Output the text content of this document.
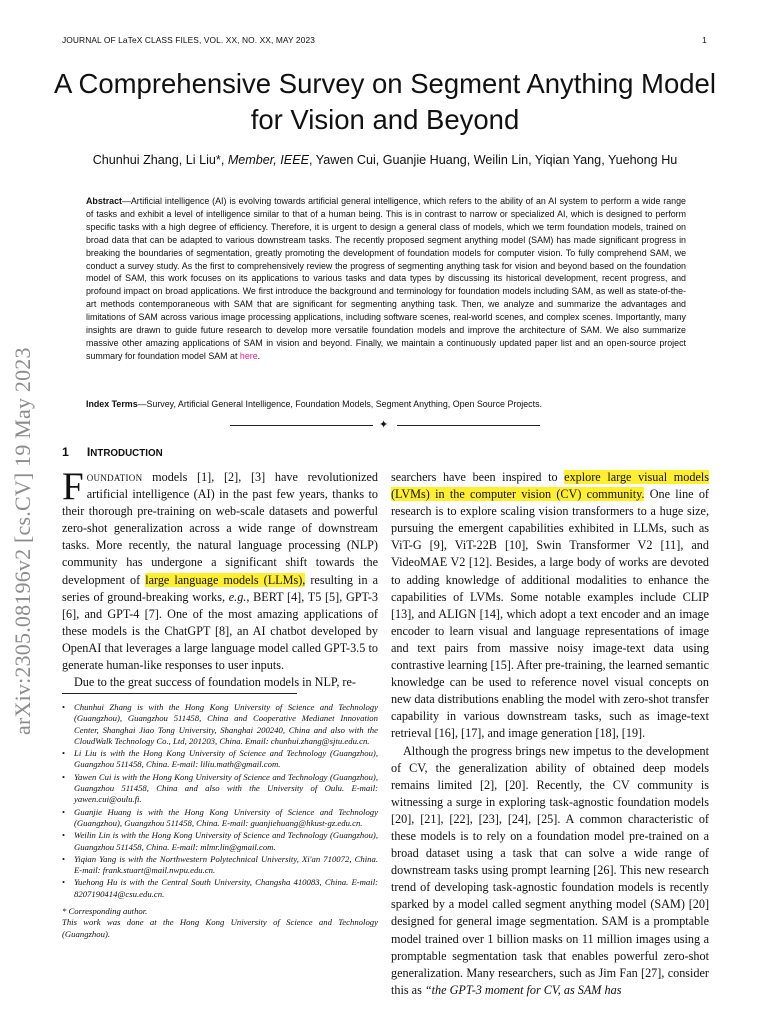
JOURNAL OF LaTeX CLASS FILES, VOL. XX, NO. XX, MAY 2023	1
A Comprehensive Survey on Segment Anything Model for Vision and Beyond
Chunhui Zhang, Li Liu*, Member, IEEE, Yawen Cui, Guanjie Huang, Weilin Lin, Yiqian Yang, Yuehong Hu
Abstract—Artificial intelligence (AI) is evolving towards artificial general intelligence, which refers to the ability of an AI system to perform a wide range of tasks and exhibit a level of intelligence similar to that of a human being. This is in contrast to narrow or specialized AI, which is designed to perform specific tasks with a high degree of efficiency. Therefore, it is urgent to design a general class of models, which we term foundation models, trained on broad data that can be adapted to various downstream tasks. The recently proposed segment anything model (SAM) has made significant progress in breaking the boundaries of segmentation, greatly promoting the development of foundation models for computer vision. To fully comprehend SAM, we conduct a survey study. As the first to comprehensively review the progress of segmenting anything task for vision and beyond based on the foundation model of SAM, this work focuses on its applications to various tasks and data types by discussing its historical development, recent progress, and profound impact on broad applications. We first introduce the background and terminology for foundation models including SAM, as well as state-of-the-art methods contemporaneous with SAM that are significant for segmenting anything task. Then, we analyze and summarize the advantages and limitations of SAM across various image processing applications, including software scenes, real-world scenes, and complex scenes. Importantly, many insights are drawn to guide future research to develop more versatile foundation models and improve the architecture of SAM. We also summarize massive other amazing applications of SAM in vision and beyond. Finally, we maintain a continuously updated paper list and an open-source project summary for foundation model SAM at here.
Index Terms—Survey, Artificial General Intelligence, Foundation Models, Segment Anything, Open Source Projects.
✦
arXiv:2305.08196v2 [cs.CV] 19 May 2023 1 INTRODUCTION

Foundation models [1], [2], [3] have revolutionized artificial intelligence (AI) in the past few years, thanks to their thorough pre-training on web-scale datasets and powerful zero-shot generalization across a wide range of downstream tasks. More recently, the natural language processing (NLP) community has undergone a significant shift towards the development of large language models (LLMs), resulting in a series of ground-breaking works, e.g., BERT [4], T5 [5], GPT-3 [6], and GPT-4 [7]. One of the most amazing applications of these models is the ChatGPT [8], an AI chatbot developed by OpenAI that leverages a large language model called GPT-3.5 to generate human-like responses to user inputs.

Due to the great success of foundation models in NLP, re-

• Chunhui Zhang is with the Hong Kong University of Science and Technology (Guangzhou), Guangzhou 511458, China and Cooperative Medianet Innovation Center, Shanghai Jiao Tong University, Shanghai 200240, China and also with the CloudWalk Technology Co., Ltd, 201203, China. Email: chunhui.zhang@sjtu.edu.cn.
• Li Liu is with the Hong Kong University of Science and Technology (Guangzhou), Guangzhou 511458, China. E-mail: liliu.math@gmail.com.
• Yawen Cui is with the Hong Kong University of Science and Technology (Guangzhou), Guangzhou 511458, China and also with the University of Oulu. E-mail: yawen.cui@oulu.fi.
• Guanjie Huang is with the Hong Kong University of Science and Technology (Guangzhou), Guangzhou 511458, China. E-mail: guanjiehuang@hkust-gz.edu.cn.
• Weilin Lin is with the Hong Kong University of Science and Technology (Guangzhou), Guangzhou 511458, China. E-mail: mlmr.lin@gmail.com.
• Yiqian Yang is with the Northwestern Polytechnical University, Xi'an 710072, China. E-mail: frank.stuart@mail.nwpu.edu.cn.
• Yuehong Hu is with the Central South University, Changsha 410083, China. E-mail: 8207190414@csu.edu.cn.
* Corresponding author.
This work was done at the Hong Kong University of Science and Technology (Guangzhou).

searchers have been inspired to explore large visual models (LVMs) in the computer vision (CV) community. One line of research is to explore scaling vision transformers to a huge size, pursuing the emergent capabilities exhibited in LLMs, such as ViT-G [9], ViT-22B [10], Swin Transformer V2 [11], and VideoMAE V2 [12]. Besides, a large body of works are devoted to adding knowledge of additional modalities to enhance the capabilities of LVMs. Some notable examples include CLIP [13], and ALIGN [14], which adopt a text encoder and an image encoder to learn visual and language representations of image and text pairs from massive noisy image-text data using contrastive learning [15]. After pre-training, the learned semantic knowledge can be used to reference novel visual concepts on new data distributions enabling the model with zero-shot transfer capability in various downstream tasks, such as image-text retrieval [16], [17], and image generation [18], [19].

Although the progress brings new impetus to the development of CV, the generalization ability of obtained deep models remains limited [2], [20]. Recently, the CV community is witnessing a surge in exploring task-agnostic foundation models [20], [21], [22], [23], [24], [25]. A common characteristic of these models is to rely on a foundation model pre-trained on a broad dataset using a task that can solve a wide range of downstream tasks using prompt learning [26]. This new research trend of developing task-agnostic foundation models is recently sparked by a model called segment anything model (SAM) [20] designed for general image segmentation. SAM is a promptable model trained over 1 billion masks on 11 million images using a promptable segmentation task that enables powerful zero-shot generalization. Many researchers, such as Jim Fan [27], consider this as “the GPT-3 moment for CV, as SAM has
